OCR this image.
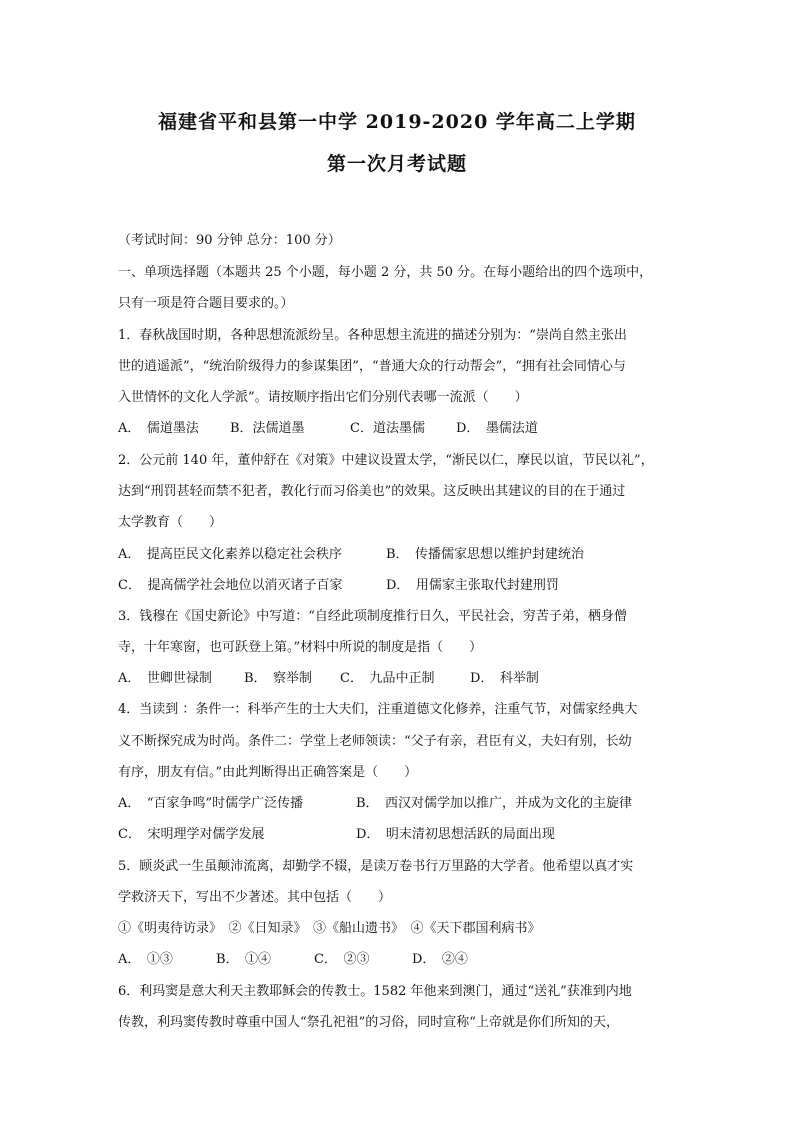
福建省平和县第一中学 2019-2020 学年高二上学期
第一次月考试题
（考试时间：90 分钟 总分：100 分）
一、单项选择题（本题共 25 个小题，每小题 2 分，共 50 分。在每小题给出的四个选项中，
只有一项是符合题目要求的。）
1．春秋战国时期，各种思想流派纷呈。各种思想主流进的描述分别为：“崇尚自然主张出
世的逍遥派”，“统治阶级得力的参谋集团”，“普通大众的行动帮会”，“拥有社会同情心与
入世情怀的文化人学派”。请按顺序指出它们分别代表哪一流派（　　）
A．　儒道墨法 B．法儒道墨	C．道法墨儒 D．　墨儒法道
2．公元前 140 年，董仲舒在《对策》中建议设置太学，“渐民以仁，摩民以谊，节民以礼”，
达到“刑罚甚轻而禁不犯者，教化行而习俗美也”的效果。这反映出其建议的目的在于通过
太学教育（　　）
A．　提高臣民文化素养以稳定社会秩序	B．　传播儒家思想以维护封建统治
C．　提高儒学社会地位以消灭诸子百家	D．　用儒家主张取代封建刑罚
3．钱穆在《国史新论》中写道：“自经此项制度推行日久，平民社会，穷苦子弟，栖身僧
寺，十年寒窗，也可跃登上第。”材料中所说的制度是指（　　）
A．　世卿世禄制 B．　察举制 C．　九品中正制	D．　科举制
4．当读到 ：条件一：科举产生的士大夫们，注重道德文化修养，注重气节，对儒家经典大
义不断探究成为时尚。条件二：学堂上老师领读：“父子有亲，君臣有义，夫妇有别，长幼
有序，朋友有信。”由此判断得出正确答案是（　　）
A．　“百家争鸣”时儒学广泛传播	B．　西汉对儒学加以推广，并成为文化的主旋律
C．　宋明理学对儒学发展	D．　明末清初思想活跃的局面出现
5．顾炎武一生虽颠沛流离，却勤学不辍，是读万卷书行万里路的大学者。他希望以真才实
学救济天下，写出不少著述。其中包括（　　）
①《明夷待访录》　②《日知录》　③《船山遗书》　④《天下郡国利病书》
A．　①③	B．　①④	C．　②③	D．　②④
6．利玛窦是意大利天主教耶稣会的传教士。1582 年他来到澳门，通过“送礼”获准到内地
传教，利玛窦传教时尊重中国人“祭孔祀祖”的习俗，同时宣称“上帝就是你们所知的天，
